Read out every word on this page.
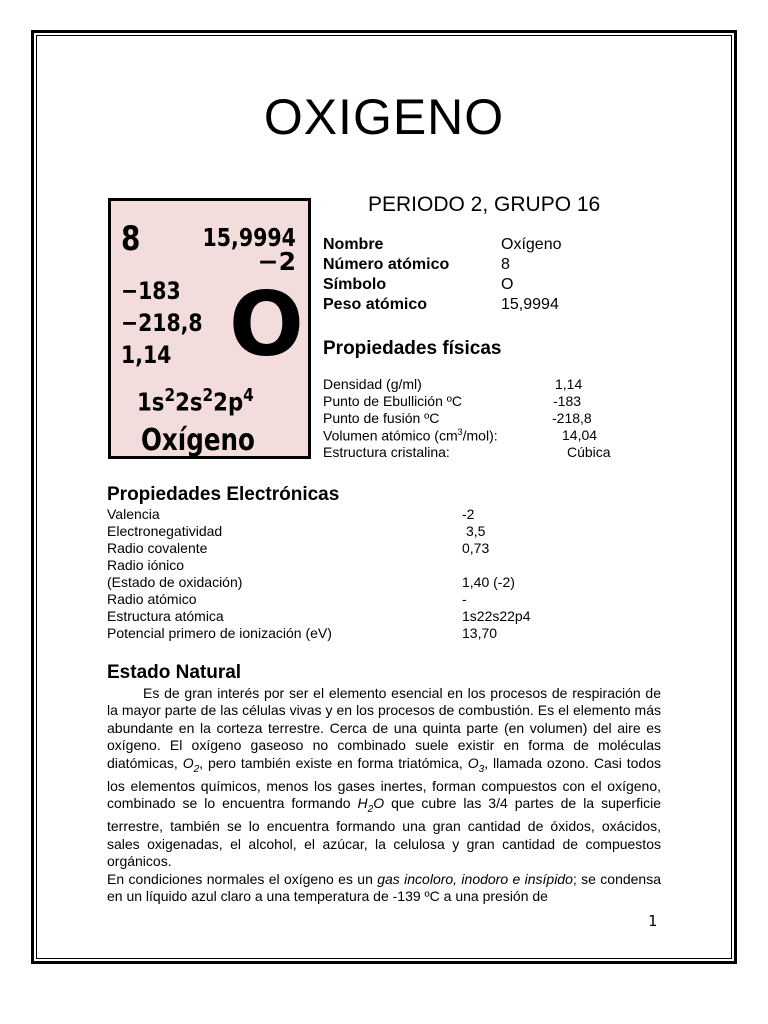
OXIGENO
PERIODO 2, GRUPO 16
8 15,9994
−2
−183
−218,8
1,14 O
$1s^22s^22p^4$
Oxígeno
Nombre	Oxígeno
Número atómico	8
Símbolo	O
Peso atómico	15,9994
Propiedades físicas
Densidad (g/ml)	1,14
Punto de Ebullición ºC	-183
Punto de fusión ºC	-218,8
Volumen atómico $(cm^3/mol)$:	14,04
Estructura cristalina:	Cúbica
Propiedades Electrónicas
Valencia	-2
Electronegatividad	3,5
Radio covalente	0,73
Radio iónico
(Estado de oxidación)	1,40 (-2)
Radio atómico	-
Estructura atómica	1s22s22p4
Potencial primero de ionización (eV)	13,70
Estado Natural

Es de gran interés por ser el elemento esencial en los procesos de respiración de la mayor parte de las células vivas y en los procesos de combustión. Es el elemento más abundante en la corteza terrestre. Cerca de una quinta parte (en volumen) del aire es oxígeno. El oxígeno gaseoso no combinado suele existir en forma de moléculas diatómicas, $O_2$, pero también existe en forma triatómica, $O_3$, llamada ozono. Casi todos los elementos químicos, menos los gases inertes, forman compuestos con el oxígeno, combinado se lo encuentra formando $H_2O$ que cubre las 3/4 partes de la superficie terrestre, también se lo encuentra formando una gran cantidad de óxidos, oxácidos, sales oxigenadas, el alcohol, el azúcar, la celulosa y gran cantidad de compuestos orgánicos.

En condiciones normales el oxígeno es un gas incoloro, inodoro e insípido; se condensa en un líquido azul claro a una temperatura de -139 ºC a una presión de

1
